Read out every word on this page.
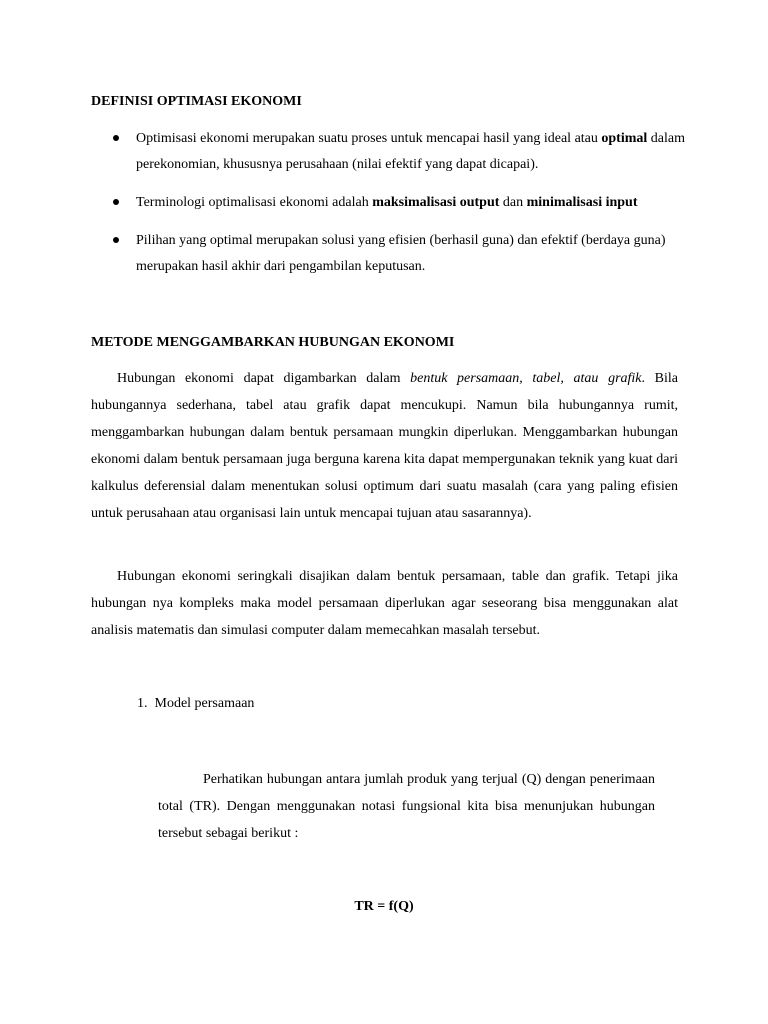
DEFINISI OPTIMASI EKONOMI

Optimisasi ekonomi merupakan suatu proses untuk mencapai hasil yang ideal atau optimal dalam perekonomian, khususnya perusahaan (nilai efektif yang dapat dicapai).

Terminologi optimalisasi ekonomi adalah maksimalisasi output dan minimalisasi input

Pilihan yang optimal merupakan solusi yang efisien (berhasil guna) dan efektif (berdaya guna) merupakan hasil akhir dari pengambilan keputusan.

METODE MENGGAMBARKAN HUBUNGAN EKONOMI

Hubungan ekonomi dapat digambarkan dalam bentuk persamaan, tabel, atau grafik. Bila hubungannya sederhana, tabel atau grafik dapat mencukupi. Namun bila hubungannya rumit, menggambarkan hubungan dalam bentuk persamaan mungkin diperlukan. Menggambarkan hubungan ekonomi dalam bentuk persamaan juga berguna karena kita dapat mempergunakan teknik yang kuat dari kalkulus deferensial dalam menentukan solusi optimum dari suatu masalah (cara yang paling efisien untuk perusahaan atau organisasi lain untuk mencapai tujuan atau sasarannya).

Hubungan ekonomi seringkali disajikan dalam bentuk persamaan, table dan grafik. Tetapi jika hubungan nya kompleks maka model persamaan diperlukan agar seseorang bisa menggunakan alat analisis matematis dan simulasi computer dalam memecahkan masalah tersebut.

1. Model persamaan

Perhatikan hubungan antara jumlah produk yang terjual (Q) dengan penerimaan total (TR). Dengan menggunakan notasi fungsional kita bisa menunjukan hubungan tersebut sebagai berikut :

TR = f(Q)
